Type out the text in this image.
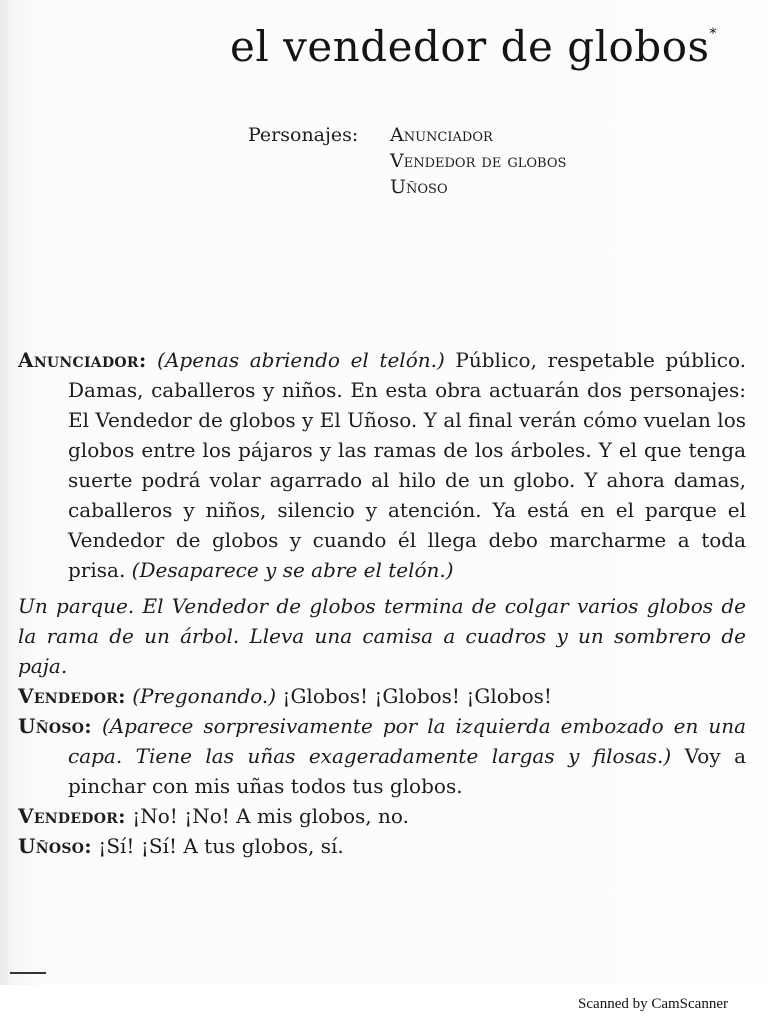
el vendedor de globos*
Personajes: Anunciador
Vendedor de globos
Uñoso

Anunciador: (Apenas abriendo el telón.) Público, respetable público. Damas, caballeros y niños. En esta obra actuarán dos personajes: El Vendedor de globos y El Uñoso. Y al final verán cómo vuelan los globos entre los pájaros y las ramas de los árboles. Y el que tenga suerte podrá volar agarrado al hilo de un globo. Y ahora damas, caballeros y niños, silencio y atención. Ya está en el parque el Vendedor de globos y cuando él llega debo marcharme a toda prisa. (Desaparece y se abre el telón.)

Un parque. El Vendedor de globos termina de colgar varios globos de la rama de un árbol. Lleva una camisa a cuadros y un sombrero de paja.

Vendedor: (Pregonando.) ¡Globos! ¡Globos! ¡Globos!

Uñoso: (Aparece sorpresivamente por la izquierda embozado en una capa. Tiene las uñas exageradamente largas y filosas.) Voy a pinchar con mis uñas todos tus globos.

Vendedor: ¡No! ¡No! A mis globos, no.

Uñoso: ¡Sí! ¡Sí! A tus globos, sí.

Scanned by CamScanner
